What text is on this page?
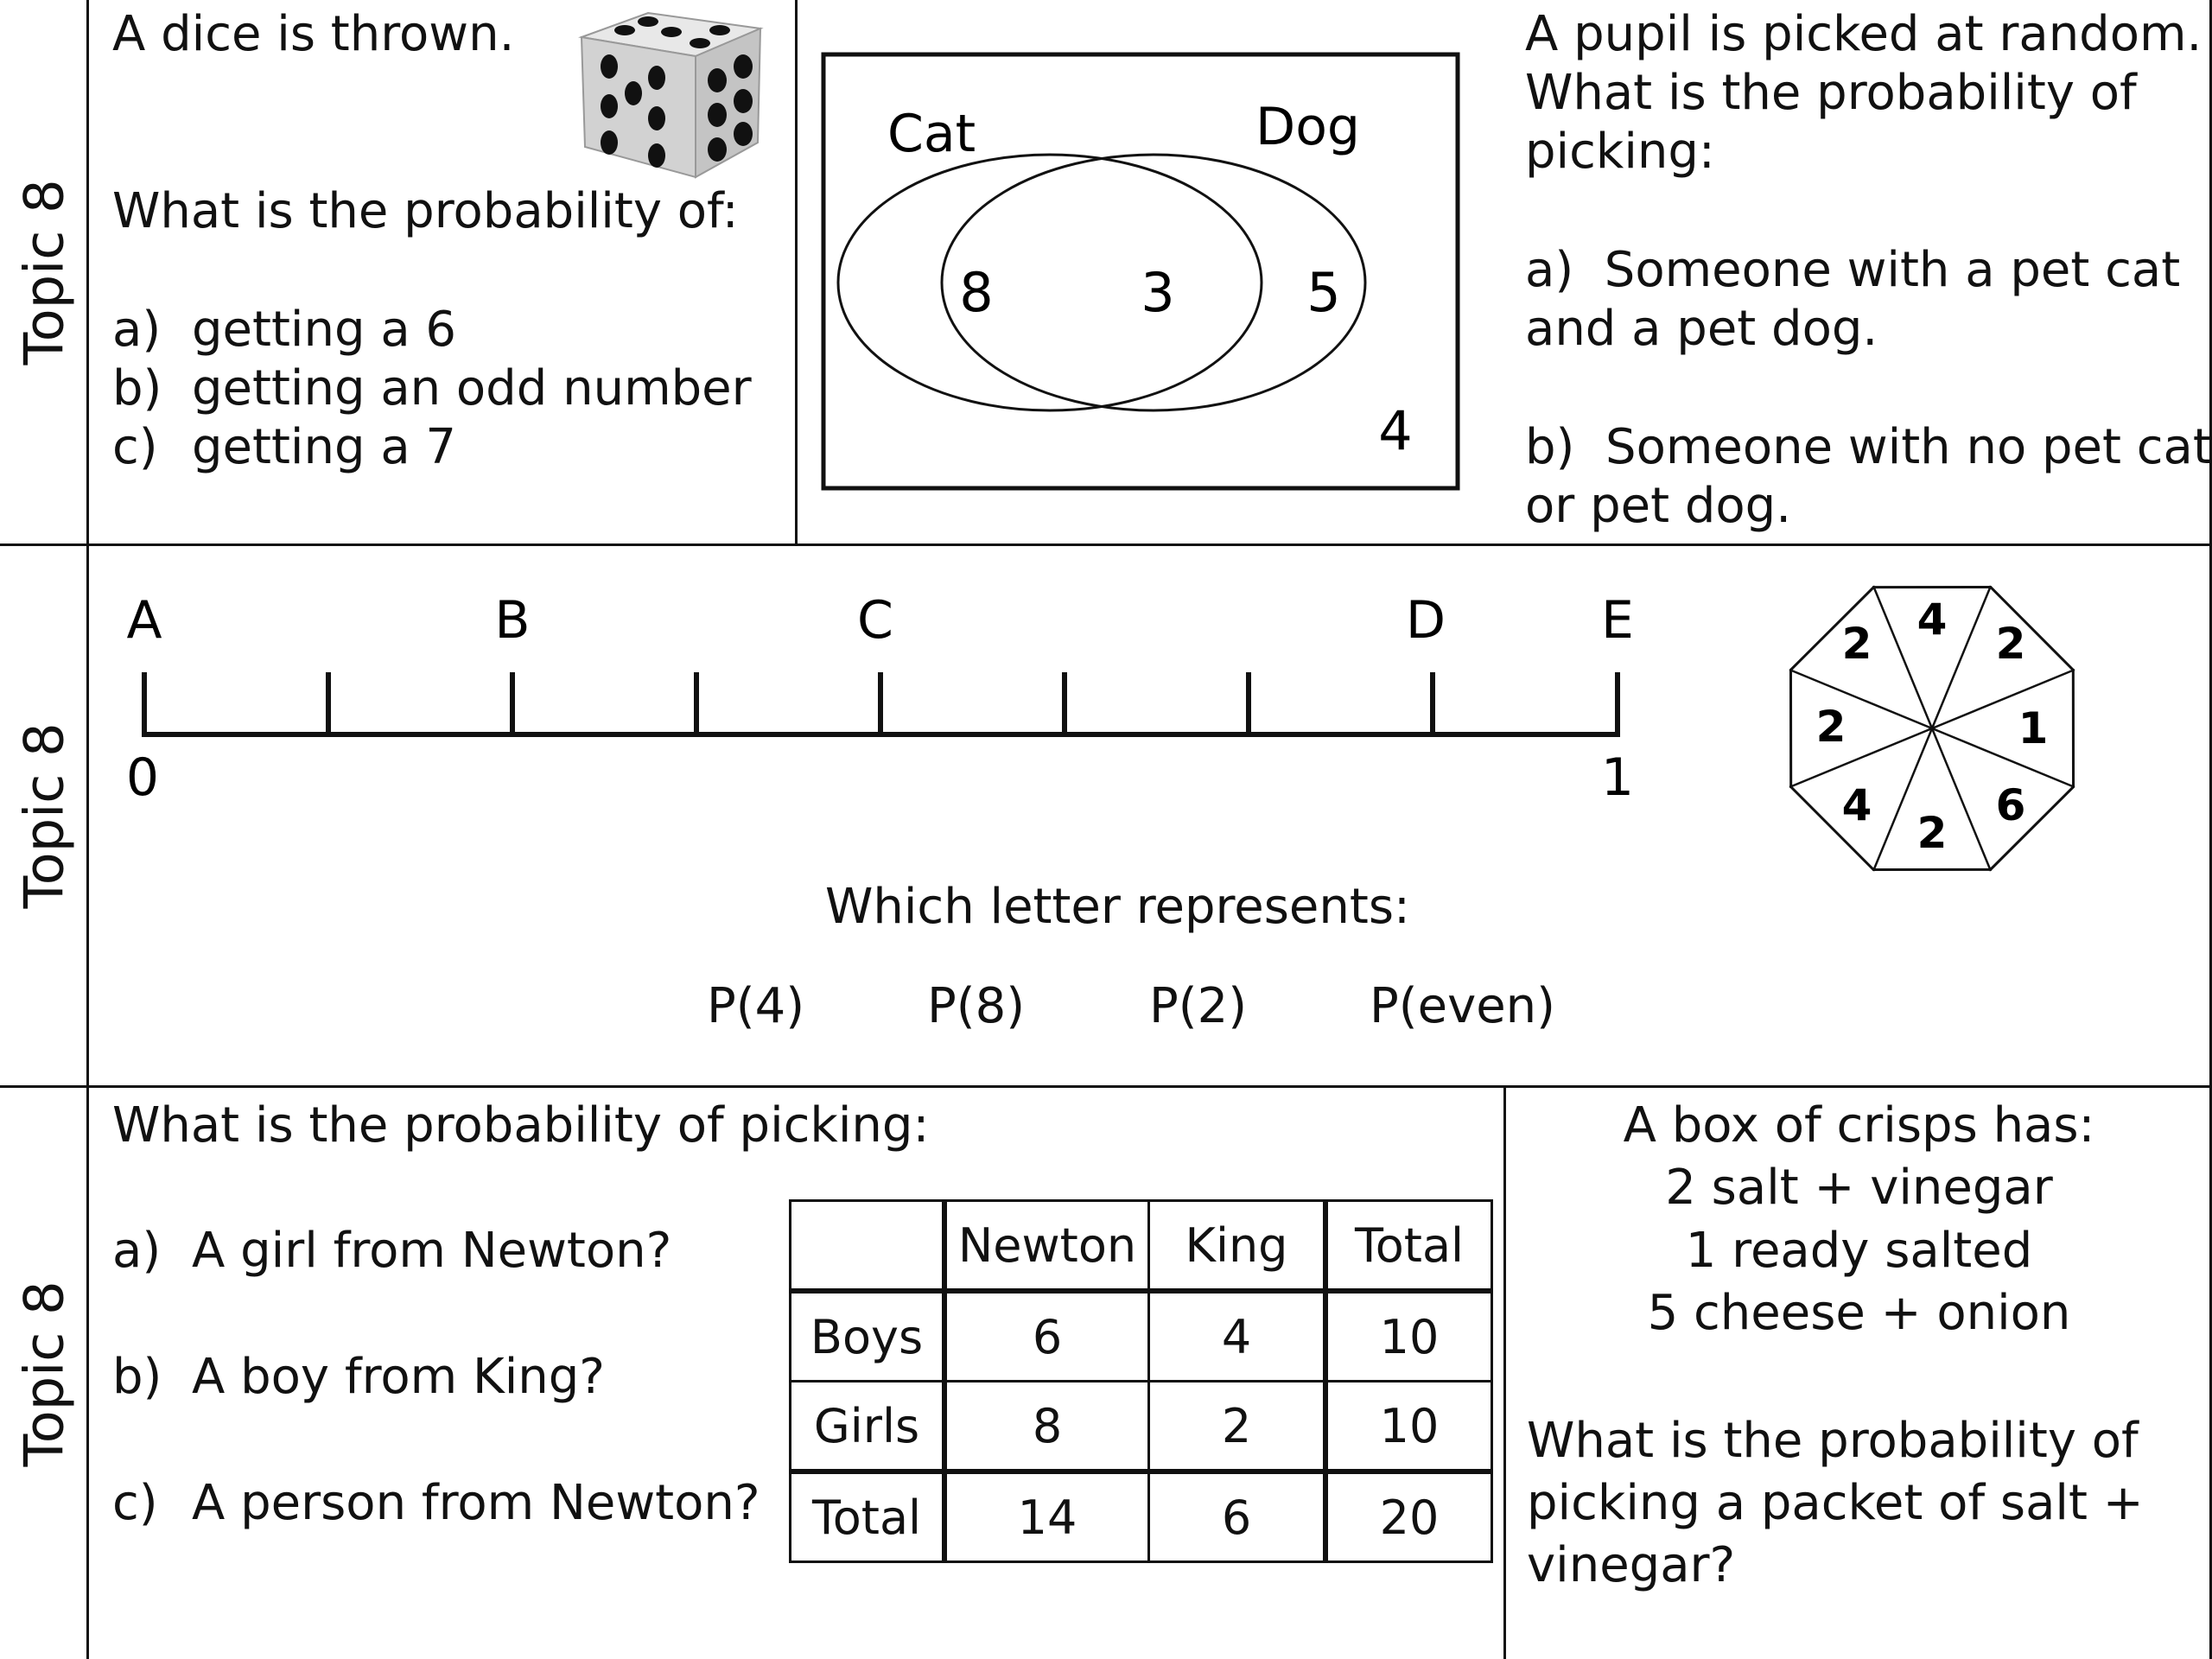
Topic 8
Topic 8
Topic 8
A dice is thrown.
What is the probability of:
a) getting a 6
b) getting an odd number
c) getting a 7
Cat	Dog
8	3 5
4
A pupil is picked at random.
What is the probability of
picking:
a) Someone with a pet cat
and a pet dog.
b) Someone with no pet cat
or pet dog.
A	B	C	D	E
0	1
Which letter represents:
P(4)	P(8)	P(2)	P(even)
4 2
1
6
2
4
2
2
What is the probability of picking:
a) A girl from Newton?
b) A boy from King?
c) A person from Newton?
	Newton	King	Total
Boys	6	4	10
Girls	8	2	10
Total	14	6	20
A box of crisps has:
2 salt + vinegar
1 ready salted
5 cheese + onion
What is the probability of
picking a packet of salt +
vinegar?
